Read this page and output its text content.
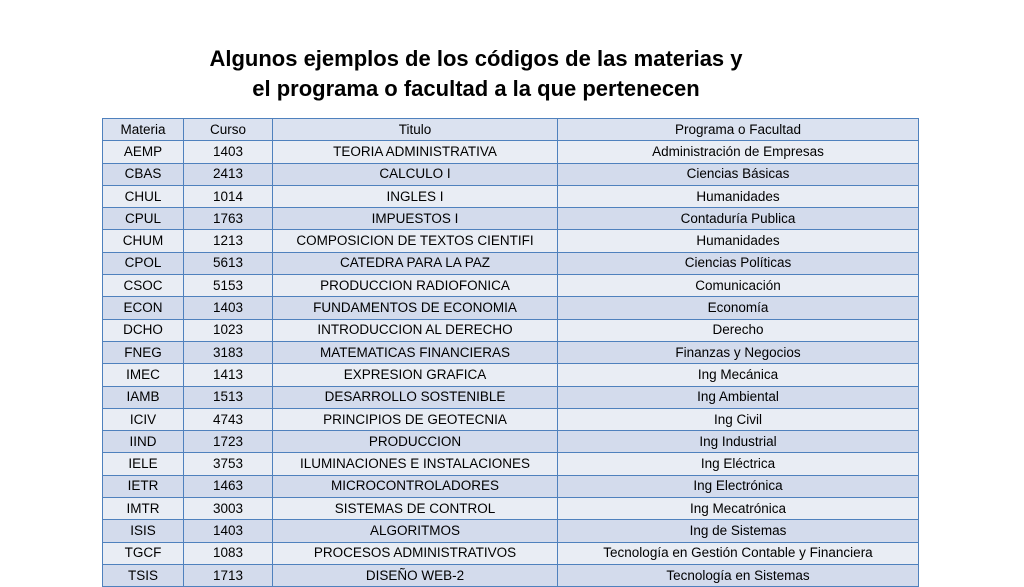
Algunos ejemplos de los códigos de las materias y
el programa o facultad a la que pertenecen
Materia	Curso	Titulo	Programa o Facultad
AEMP	1403	TEORIA ADMINISTRATIVA	Administración de Empresas
CBAS	2413	CALCULO I	Ciencias Básicas
CHUL	1014	INGLES I	Humanidades
CPUL	1763	IMPUESTOS I	Contaduría Publica
CHUM	1213	COMPOSICION DE TEXTOS CIENTIFI	Humanidades
CPOL	5613	CATEDRA PARA LA PAZ	Ciencias Políticas
CSOC	5153	PRODUCCION RADIOFONICA	Comunicación
ECON	1403	FUNDAMENTOS DE ECONOMIA	Economía
DCHO	1023	INTRODUCCION AL DERECHO	Derecho
FNEG	3183	MATEMATICAS FINANCIERAS	Finanzas y Negocios
IMEC	1413	EXPRESION GRAFICA	Ing Mecánica
IAMB	1513	DESARROLLO SOSTENIBLE	Ing Ambiental
ICIV	4743	PRINCIPIOS DE GEOTECNIA	Ing Civil
IIND	1723	PRODUCCION	Ing Industrial
IELE	3753	ILUMINACIONES E INSTALACIONES	Ing Eléctrica
IETR	1463	MICROCONTROLADORES	Ing Electrónica
IMTR	3003	SISTEMAS DE CONTROL	Ing Mecatrónica
ISIS	1403	ALGORITMOS	Ing de Sistemas
TGCF	1083	PROCESOS ADMINISTRATIVOS	Tecnología en Gestión Contable y Financiera
TSIS	1713	DISEÑO WEB-2	Tecnología en Sistemas
